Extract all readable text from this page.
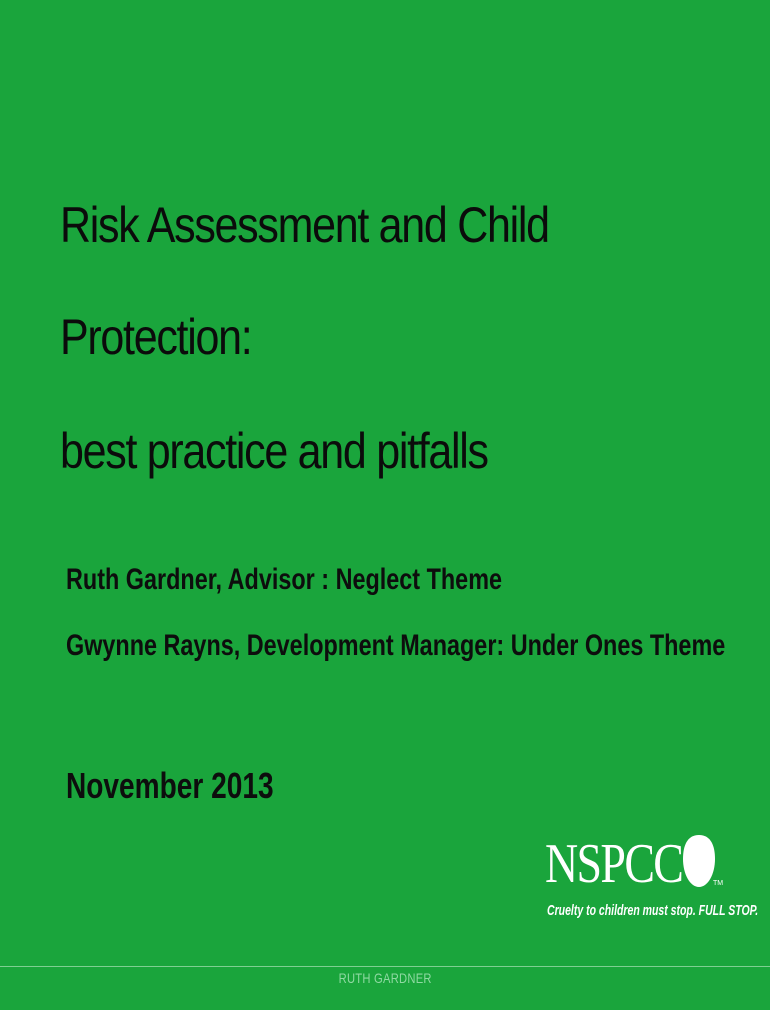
Risk Assessment and Child
Protection:
best practice and pitfalls
Ruth Gardner, Advisor : Neglect Theme
Gwynne Rayns, Development Manager: Under Ones Theme
November 2013
NSPCC	TM
Cruelty to children must stop. FULL STOP.
RUTH GARDNER
